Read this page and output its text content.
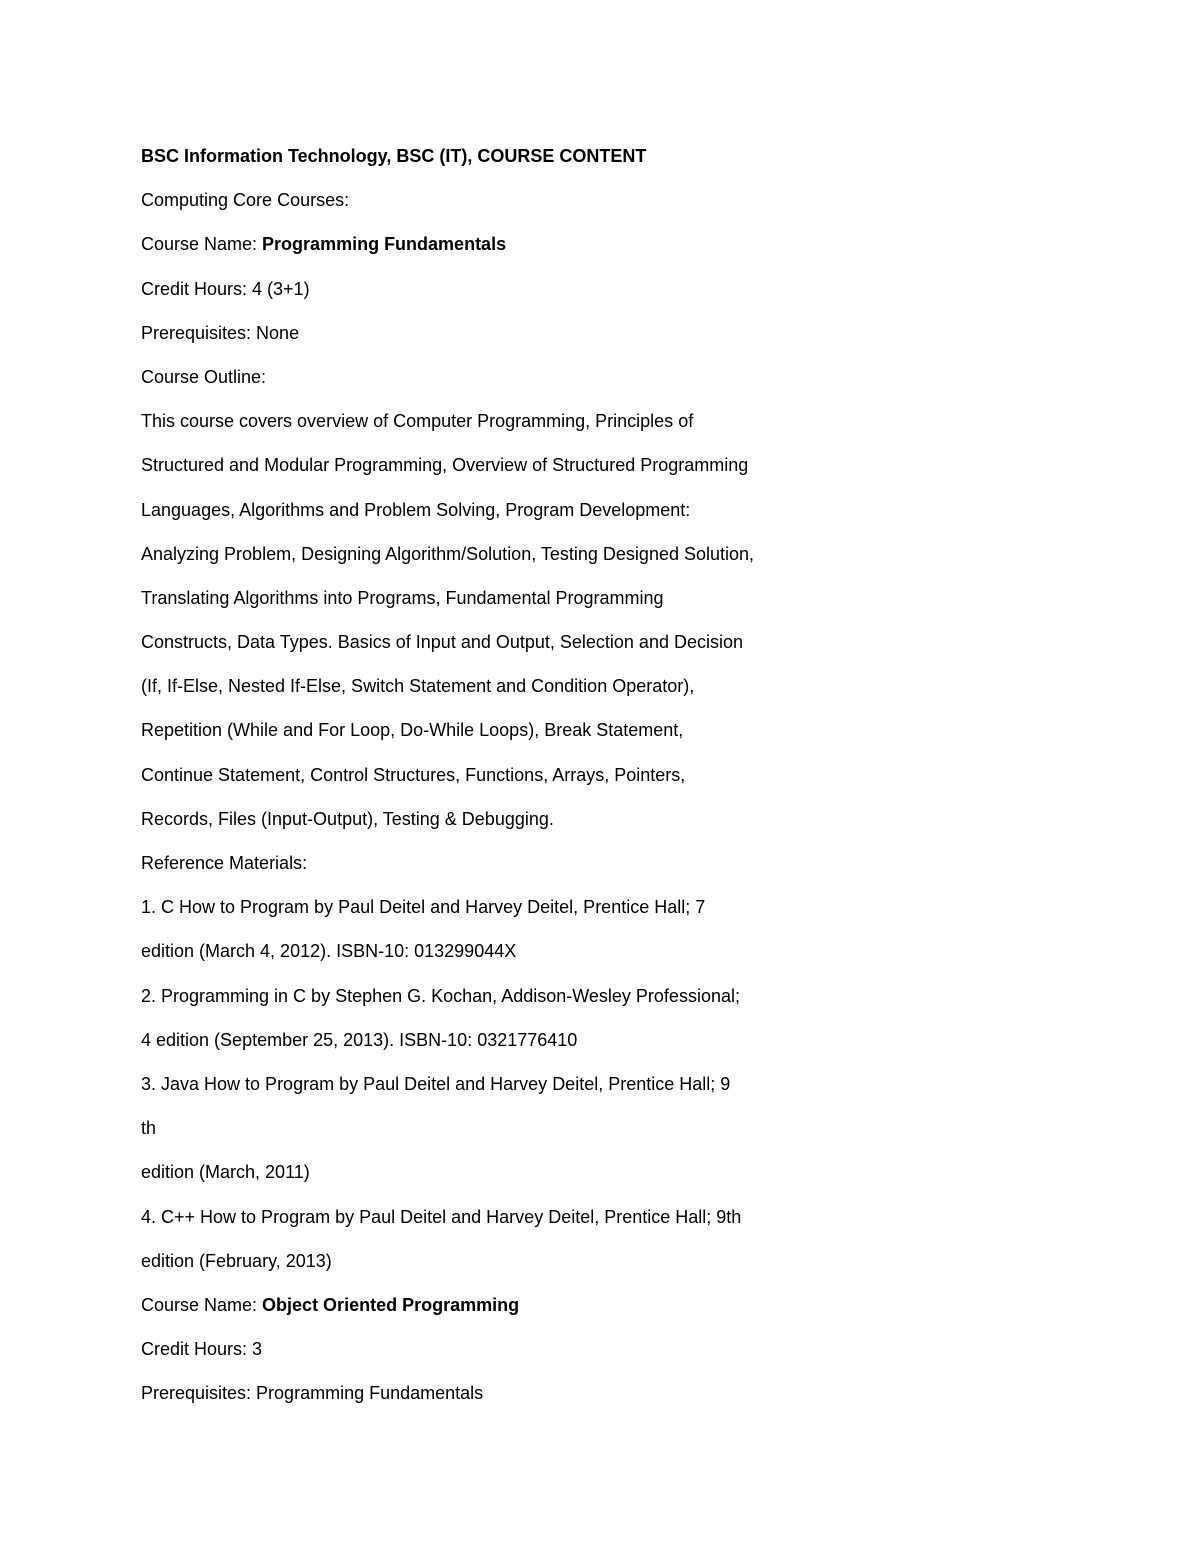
BSC Information Technology, BSC (IT), COURSE CONTENT
Computing Core Courses:
Course Name: Programming Fundamentals
Credit Hours: 4 (3+1)
Prerequisites: None
Course Outline:
This course covers overview of Computer Programming, Principles of
Structured and Modular Programming, Overview of Structured Programming
Languages, Algorithms and Problem Solving, Program Development:
Analyzing Problem, Designing Algorithm/Solution, Testing Designed Solution,
Translating Algorithms into Programs, Fundamental Programming
Constructs, Data Types. Basics of Input and Output, Selection and Decision
(If, If-Else, Nested If-Else, Switch Statement and Condition Operator),
Repetition (While and For Loop, Do-While Loops), Break Statement,
Continue Statement, Control Structures, Functions, Arrays, Pointers,
Records, Files (Input-Output), Testing & Debugging.
Reference Materials:
1. C How to Program by Paul Deitel and Harvey Deitel, Prentice Hall; 7
edition (March 4, 2012). ISBN-10: 013299044X
2. Programming in C by Stephen G. Kochan, Addison-Wesley Professional;
4 edition (September 25, 2013). ISBN-10: 0321776410
3. Java How to Program by Paul Deitel and Harvey Deitel, Prentice Hall; 9
th
edition (March, 2011)
4. C++ How to Program by Paul Deitel and Harvey Deitel, Prentice Hall; 9th
edition (February, 2013)
Course Name: Object Oriented Programming
Credit Hours: 3
Prerequisites: Programming Fundamentals
